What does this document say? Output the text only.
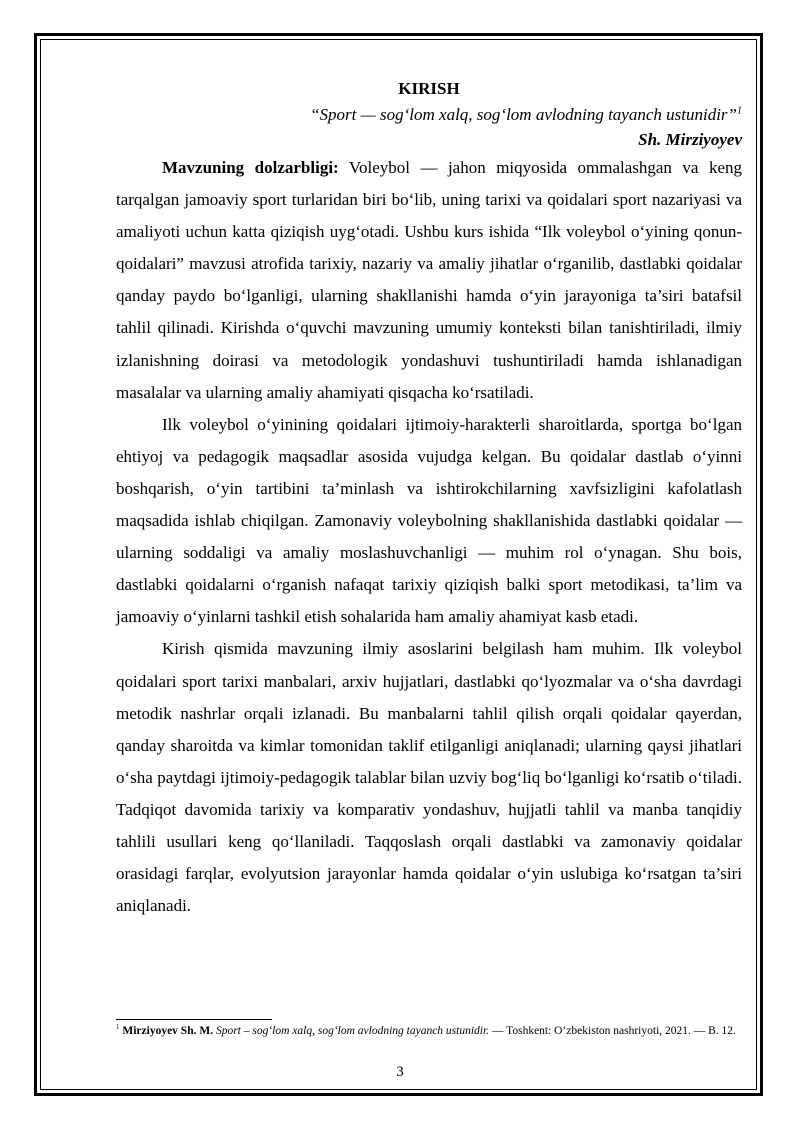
KIRISH

“Sport — sog‘lom xalq, sog‘lom avlodning tayanch ustunidir”$^1$

Sh. Mirziyoyev

Mavzuning dolzarbligi: Voleybol — jahon miqyosida ommalashgan va keng tarqalgan jamoaviy sport turlaridan biri bo‘lib, uning tarixi va qoidalari sport nazariyasi va amaliyoti uchun katta qiziqish uyg‘otadi. Ushbu kurs ishida “Ilk voleybol o‘yining qonun-qoidalari” mavzusi atrofida tarixiy, nazariy va amaliy jihatlar o‘rganilib, dastlabki qoidalar qanday paydo bo‘lganligi, ularning shakllanishi hamda o‘yin jarayoniga ta’siri batafsil tahlil qilinadi. Kirishda o‘quvchi mavzuning umumiy konteksti bilan tanishtiriladi, ilmiy izlanishning doirasi va metodologik yondashuvi tushuntiriladi hamda ishlanadigan masalalar va ularning amaliy ahamiyati qisqacha ko‘rsatiladi.

Ilk voleybol o‘yinining qoidalari ijtimoiy-harakterli sharoitlarda, sportga bo‘lgan ehtiyoj va pedagogik maqsadlar asosida vujudga kelgan. Bu qoidalar dastlab o‘yinni boshqarish, o‘yin tartibini ta’minlash va ishtirokchilarning xavfsizligini kafolatlash maqsadida ishlab chiqilgan. Zamonaviy voleybolning shakllanishida dastlabki qoidalar — ularning soddaligi va amaliy moslashuvchanligi — muhim rol o‘ynagan. Shu bois, dastlabki qoidalarni o‘rganish nafaqat tarixiy qiziqish balki sport metodikasi, ta’lim va jamoaviy o‘yinlarni tashkil etish sohalarida ham amaliy ahamiyat kasb etadi.

Kirish qismida mavzuning ilmiy asoslarini belgilash ham muhim. Ilk voleybol qoidalari sport tarixi manbalari, arxiv hujjatlari, dastlabki qo‘lyozmalar va o‘sha davrdagi metodik nashrlar orqali izlanadi. Bu manbalarni tahlil qilish orqali qoidalar qayerdan, qanday sharoitda va kimlar tomonidan taklif etilganligi aniqlanadi; ularning qaysi jihatlari o‘sha paytdagi ijtimoiy-pedagogik talablar bilan uzviy bog‘liq bo‘lganligi ko‘rsatib o‘tiladi. Tadqiqot davomida tarixiy va komparativ yondashuv, hujjatli tahlil va manba tanqidiy tahlili usullari keng qo‘llaniladi. Taqqoslash orqali dastlabki va zamonaviy qoidalar orasidagi farqlar, evolyutsion jarayonlar hamda qoidalar o‘yin uslubiga ko‘rsatgan ta’siri aniqlanadi.

$^1$ Mirziyoyev Sh. M. Sport – sog‘lom xalq, sog‘lom avlodning tayanch ustunidir. — Toshkent: O‘zbekiston nashriyoti, 2021. — B. 12.
3
